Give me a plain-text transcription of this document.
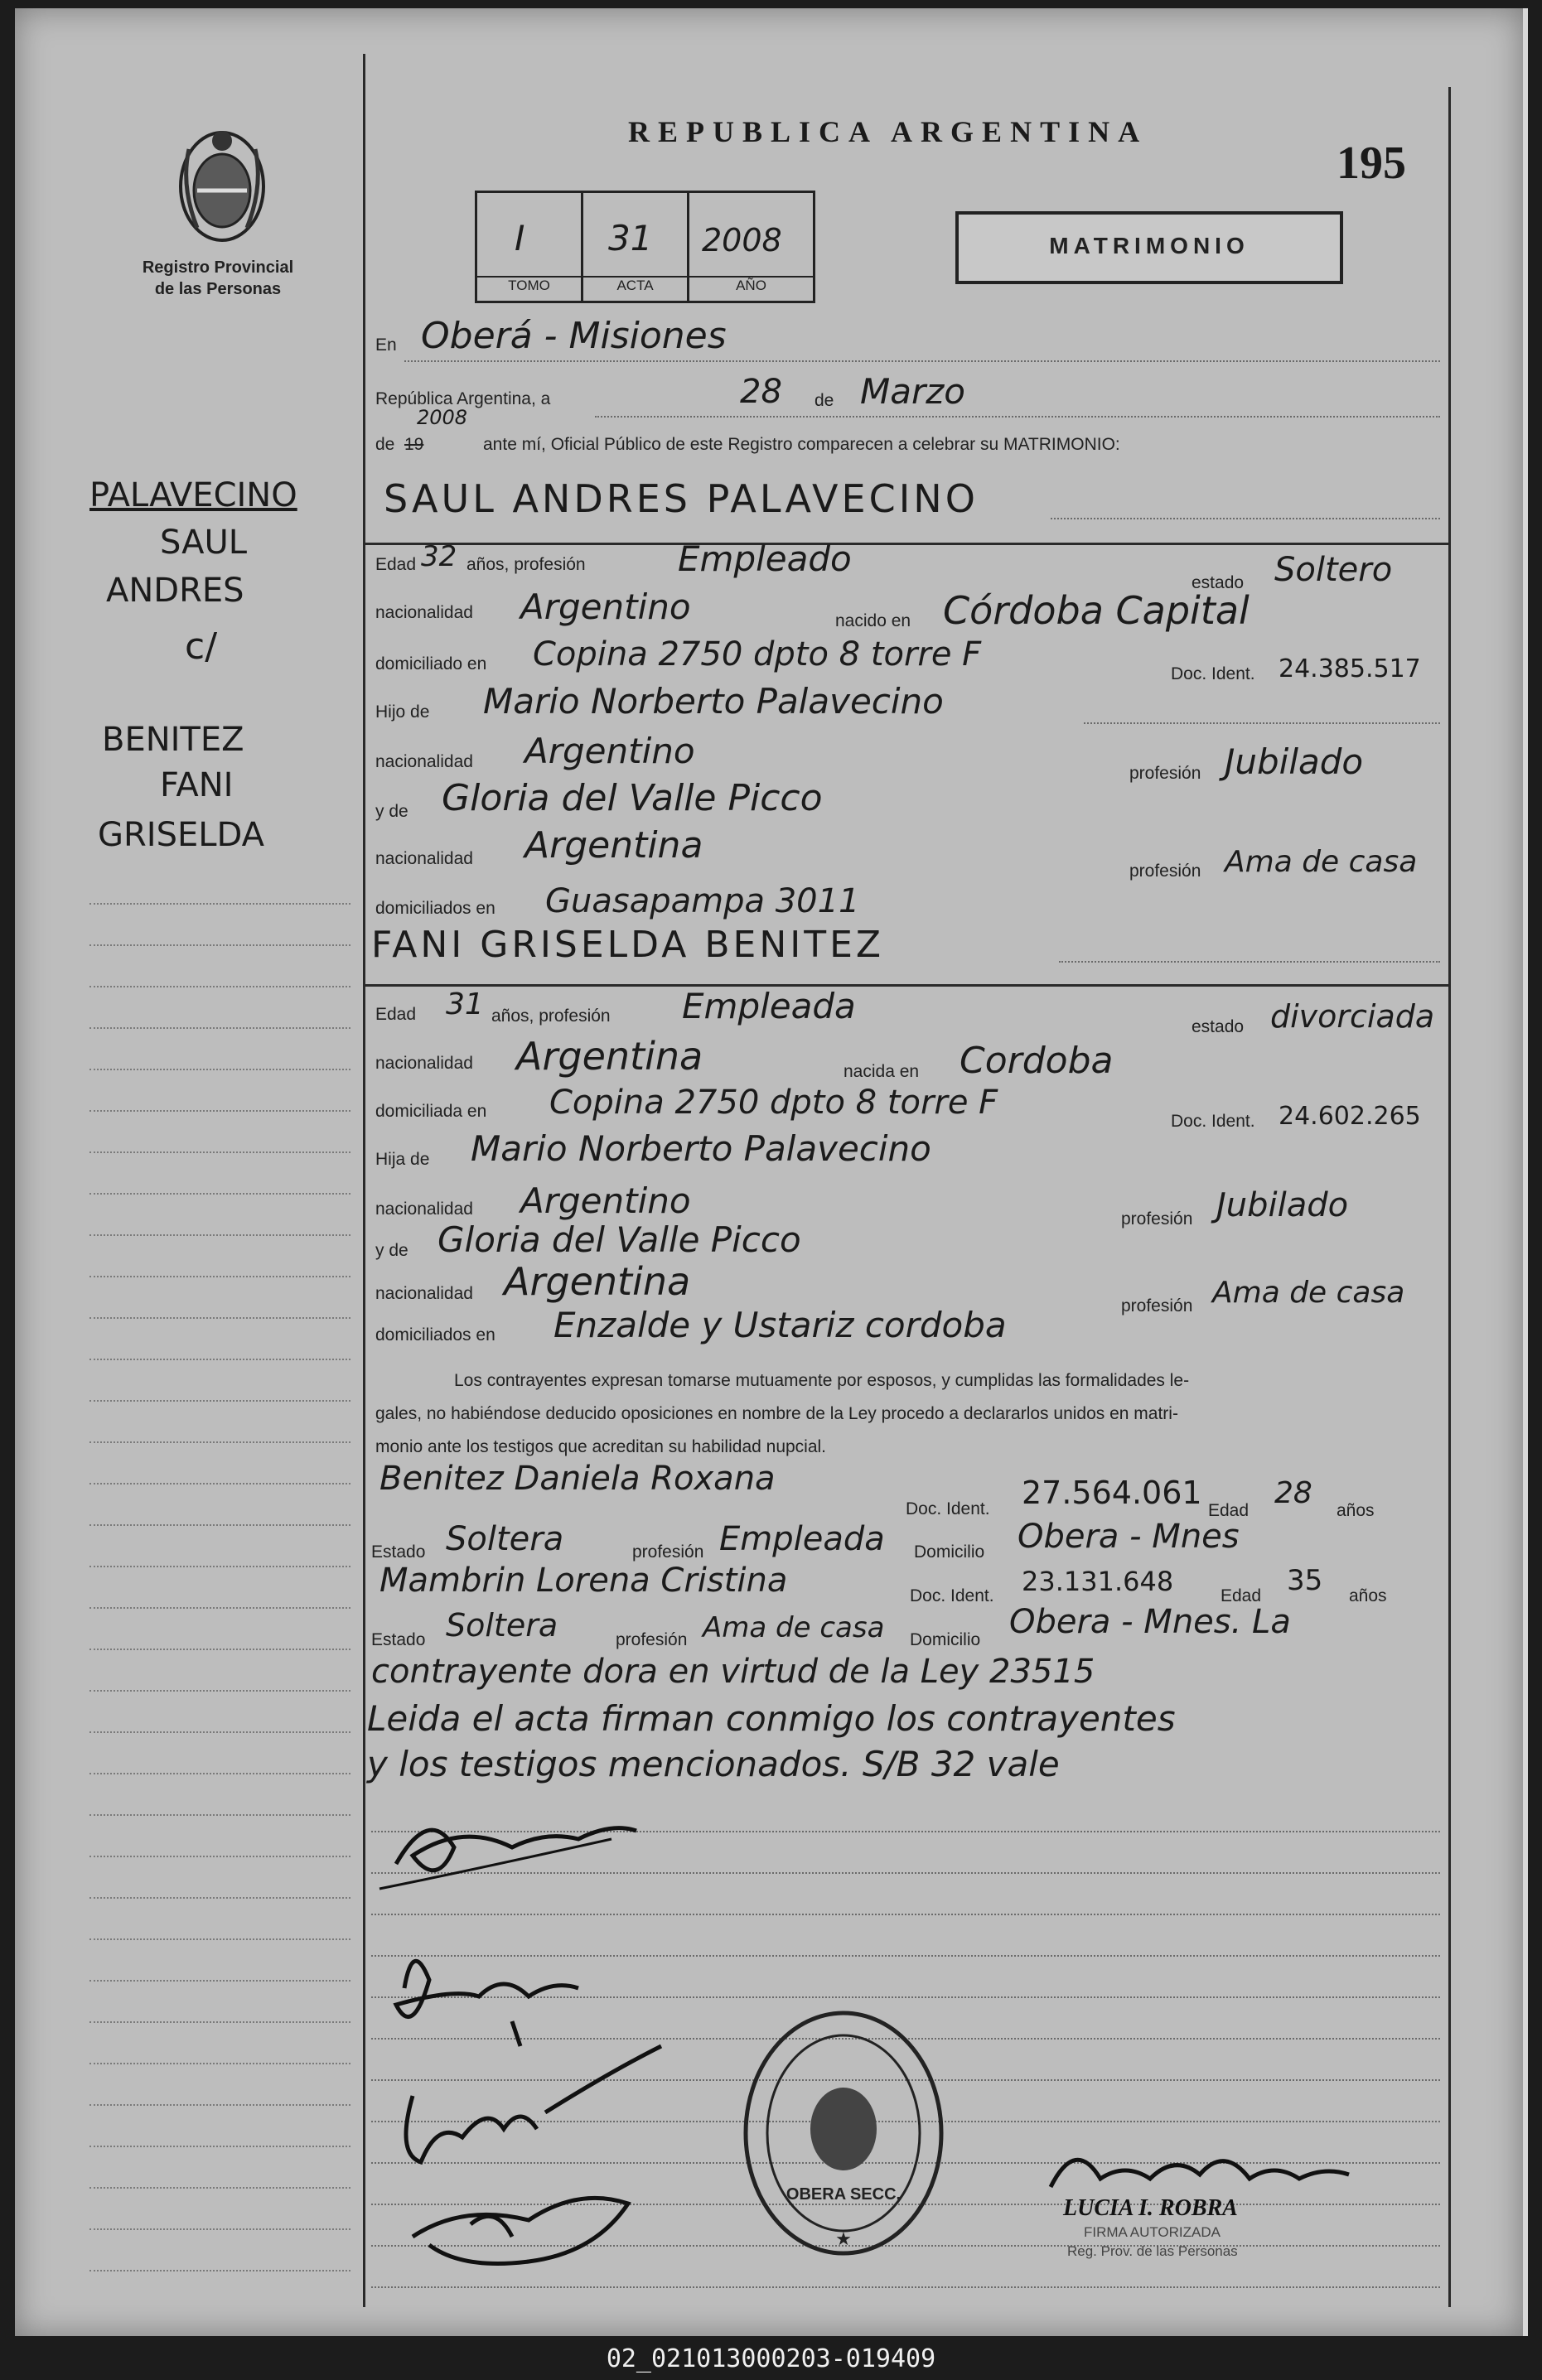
Registro Provincial
de las Personas
REPUBLICA ARGENTINA
195
I
TOMO
31
ACTA
2008
AÑO
MATRIMONIO
En Oberá - Misiones
República Argentina, a	28 de Marzo
2008
de 19	ante mí, Oficial Público de este Registro comparecen a celebrar su MATRIMONIO:
PALAVECINO
SAUL
ANDRES
c/
BENITEZ
FANI
GRISELDA
SAUL ANDRES PALAVECINO
Edad 32 años, profesión	Empleado
estado Soltero
nacionalidad Argentino	nacido en Córdoba Capital
domiciliado en Copina 2750 dpto 8 torre F
Doc. Ident. 24.385.517
Hijo de Mario Norberto Palavecino
nacionalidad Argentino
profesión Jubilado
y de Gloria del Valle Picco
nacionalidad Argentina
profesión Ama de casa
domiciliados en Guasapampa 3011
FANI GRISELDA BENITEZ
Edad 31 años, profesión Empleada
estado divorciada
nacionalidad Argentina	nacida en Cordoba
domiciliada en Copina 2750 dpto 8 torre F	Doc. Ident. 24.602.265
Hija de Mario Norberto Palavecino
nacionalidad Argentino	profesión Jubilado
y de Gloria del Valle Picco
nacionalidad Argentina
profesión Ama de casa
domiciliados en Enzalde y Ustariz cordoba
Los contrayentes expresan tomarse mutuamente por esposos, y cumplidas las formalidades le-
gales, no habiéndose deducido oposiciones en nombre de la Ley procedo a declararlos unidos en matri-
monio ante los testigos que acreditan su habilidad nupcial.
Benitez Daniela Roxana
Doc. Ident. 27.564.061 Edad
28
años
Estado Soltera	profesión Empleada Domicilio Obera - Mnes
Mambrin Lorena Cristina	Doc. Ident. 23.131.648	Edad 35 años
Estado Soltera	profesión Ama de casa Domicilio Obera - Mnes. La
contrayente dora en virtud de la Ley 23515
Leida el acta firman conmigo los contrayentes
y los testigos mencionados. S/B 32 vale
OBERA SECC.
★
LUCIA I. ROBRA
FIRMA AUTORIZADA
Reg. Prov. de las Personas
02_021013000203-019409
